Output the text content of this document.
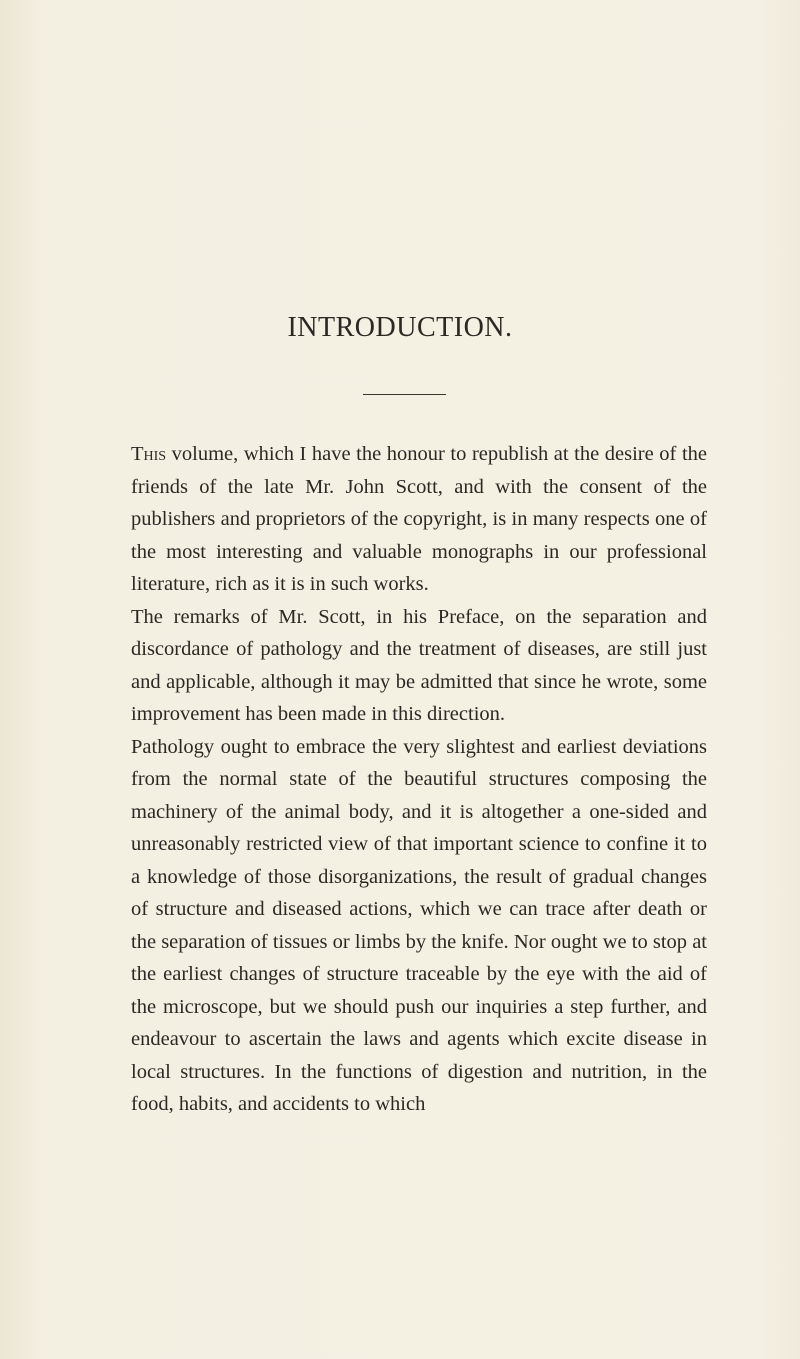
INTRODUCTION.

This volume, which I have the honour to republish at the desire of the friends of the late Mr. John Scott, and with the consent of the publishers and proprietors of the copyright, is in many respects one of the most interesting and valuable monographs in our professional literature, rich as it is in such works.

The remarks of Mr. Scott, in his Preface, on the separation and discordance of pathology and the treatment of diseases, are still just and applicable, although it may be admitted that since he wrote, some improvement has been made in this direction.

Pathology ought to embrace the very slightest and earliest deviations from the normal state of the beautiful structures composing the machinery of the animal body, and it is altogether a one-sided and unreasonably restricted view of that important science to confine it to a knowledge of those disorganizations, the result of gradual changes of structure and diseased actions, which we can trace after death or the separation of tissues or limbs by the knife. Nor ought we to stop at the earliest changes of structure traceable by the eye with the aid of the microscope, but we should push our inquiries a step further, and endeavour to ascertain the laws and agents which excite disease in local structures. In the functions of digestion and nutrition, in the food, habits, and accidents to which
